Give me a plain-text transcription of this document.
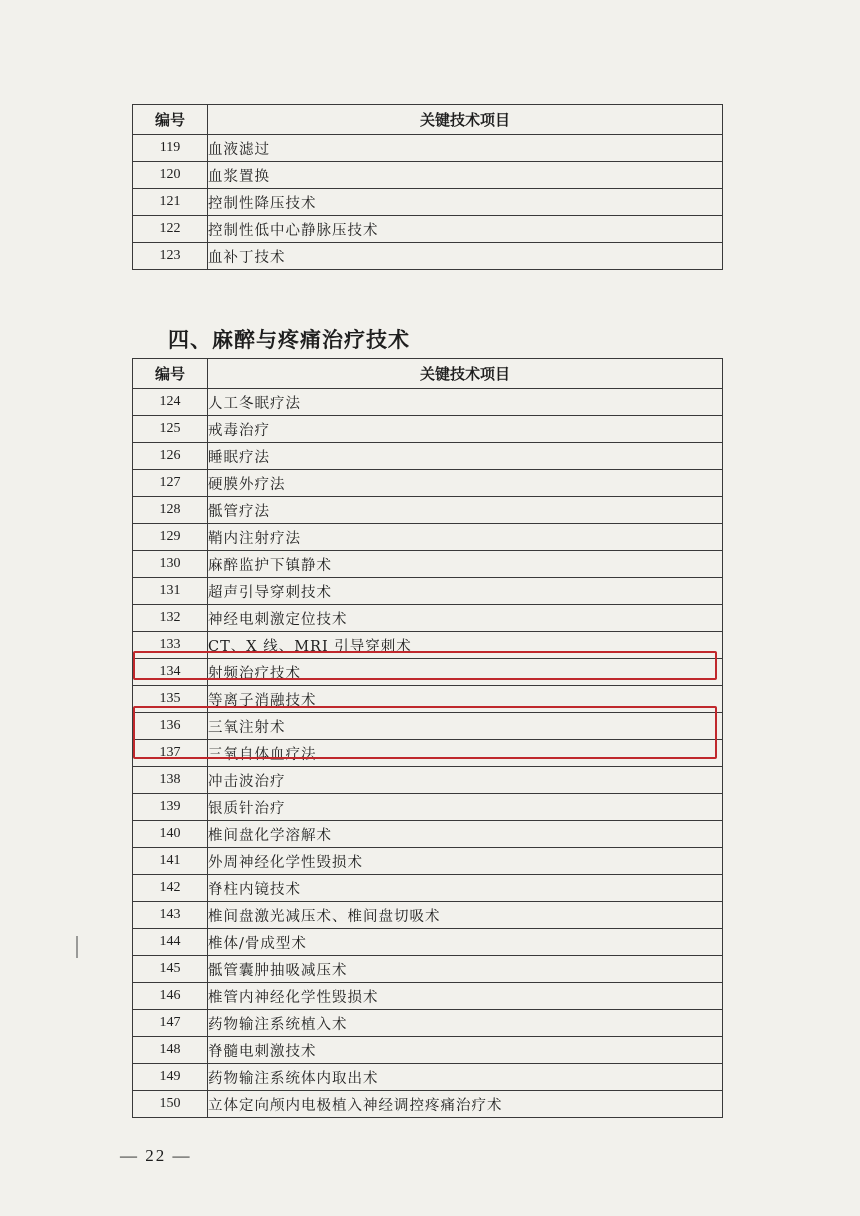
编号	关键技术项目
119	血液滤过
120	血浆置换
121	控制性降压技术
122	控制性低中心静脉压技术
123	血补丁技术
四、麻醉与疼痛治疗技术
编号	关键技术项目
124	人工冬眠疗法
125	戒毒治疗
126	睡眠疗法
127	硬膜外疗法
128	骶管疗法
129	鞘内注射疗法
130	麻醉监护下镇静术
131	超声引导穿刺技术
132	神经电刺激定位技术
133	CT、X 线、MRI 引导穿刺术
134	射频治疗技术
135	等离子消融技术
136	三氧注射术
137	三氧自体血疗法
138	冲击波治疗
139	银质针治疗
140	椎间盘化学溶解术
141	外周神经化学性毁损术
142	脊柱内镜技术
143	椎间盘激光减压术、椎间盘切吸术
144	椎体/骨成型术
145	骶管囊肿抽吸减压术
146	椎管内神经化学性毁损术
147	药物输注系统植入术
148	脊髓电刺激技术
149	药物输注系统体内取出术
150	立体定向颅内电极植入神经调控疼痛治疗术
— 22 —
